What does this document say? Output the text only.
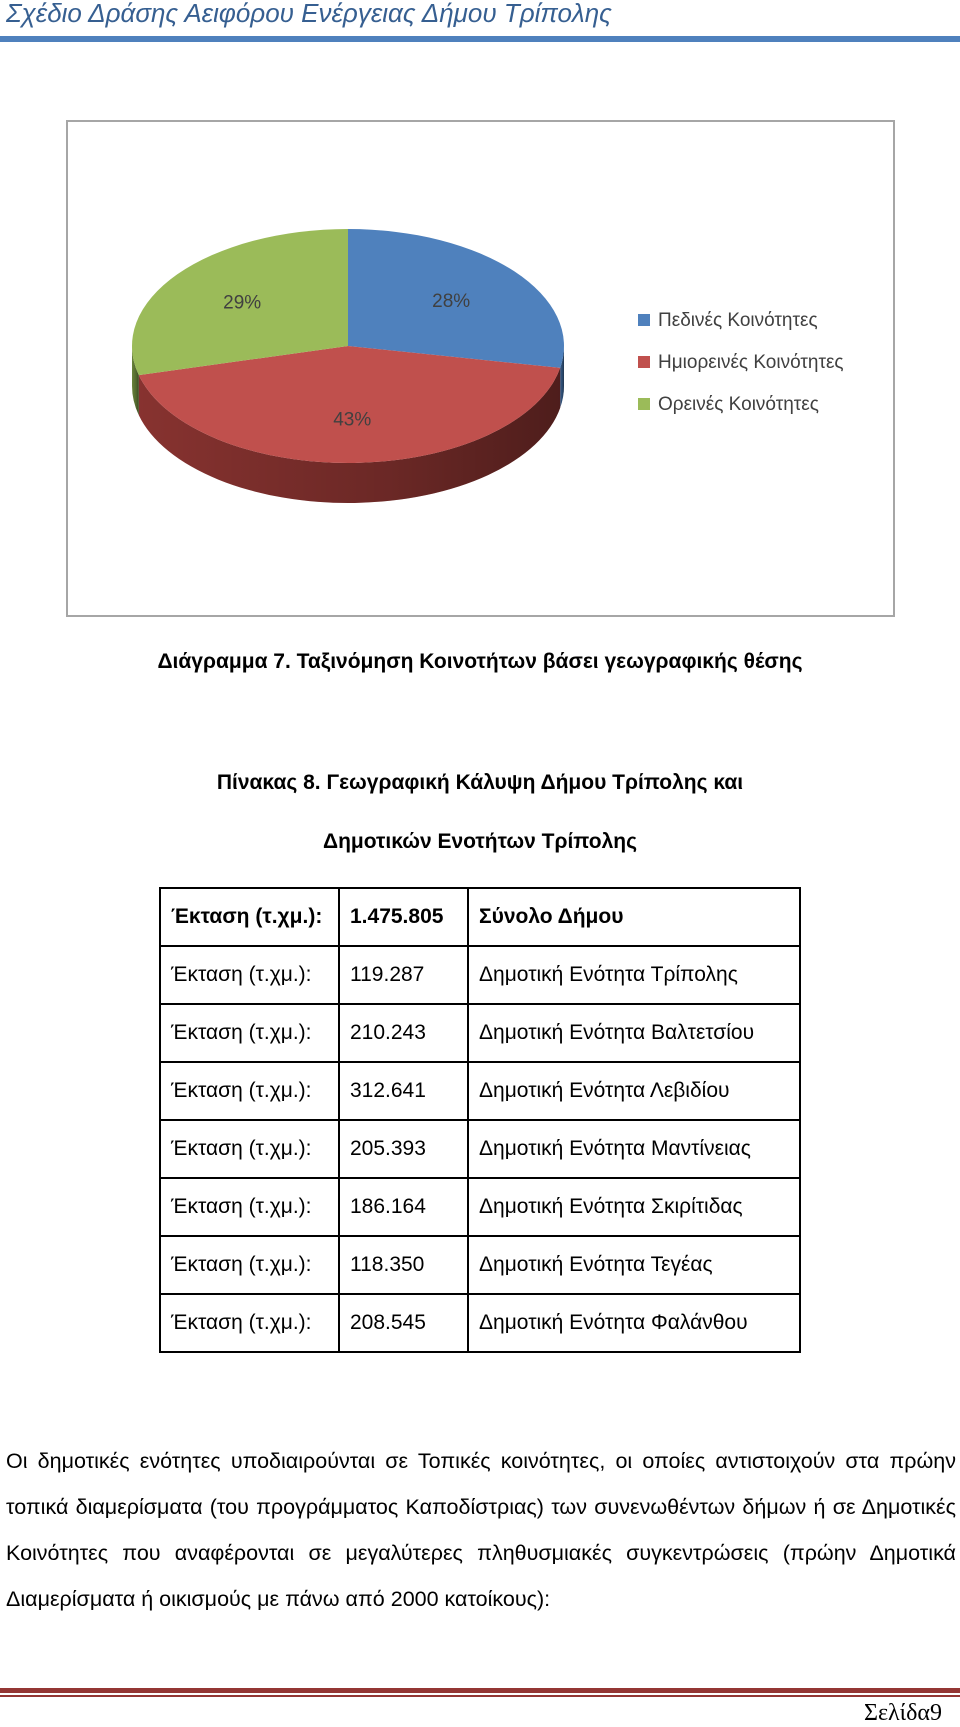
Σχέδιο Δράσης Αειφόρου Ενέργειας Δήμου Τρίπολης
28%
43%
29%
Πεδινές Κοινότητες
Ημιορεινές Κοινότητες
Ορεινές Κοινότητες
Διάγραμμα 7. Ταξινόμηση Κοινοτήτων βάσει γεωγραφικής θέσης
Πίνακας 8. Γεωγραφική Κάλυψη Δήμου Τρίπολης και
Δημοτικών Ενοτήτων Τρίπολης
Έκταση (τ.χμ.):	1.475.805	Σύνολο Δήμου
Έκταση (τ.χμ.):	119.287	Δημοτική Ενότητα Τρίπολης
Έκταση (τ.χμ.):	210.243	Δημοτική Ενότητα Βαλτετσίου
Έκταση (τ.χμ.):	312.641	Δημοτική Ενότητα Λεβιδίου
Έκταση (τ.χμ.):	205.393	Δημοτική Ενότητα Μαντίνειας
Έκταση (τ.χμ.):	186.164	Δημοτική Ενότητα Σκιρίτιδας
Έκταση (τ.χμ.):	118.350	Δημοτική Ενότητα Τεγέας
Έκταση (τ.χμ.):	208.545	Δημοτική Ενότητα Φαλάνθου
Οι δημοτικές ενότητες υποδιαιρούνται σε Τοπικές κοινότητες, οι οποίες αντιστοιχούν στα πρώην τοπικά διαμερίσματα (του προγράμματος Καποδίστριας) των συνενωθέντων δήμων ή σε Δημοτικές Κοινότητες που αναφέρονται σε μεγαλύτερες πληθυσμιακές συγκεντρώσεις (πρώην Δημοτικά Διαμερίσματα ή οικισμούς με πάνω από 2000 κατοίκους):
Σελίδα9
